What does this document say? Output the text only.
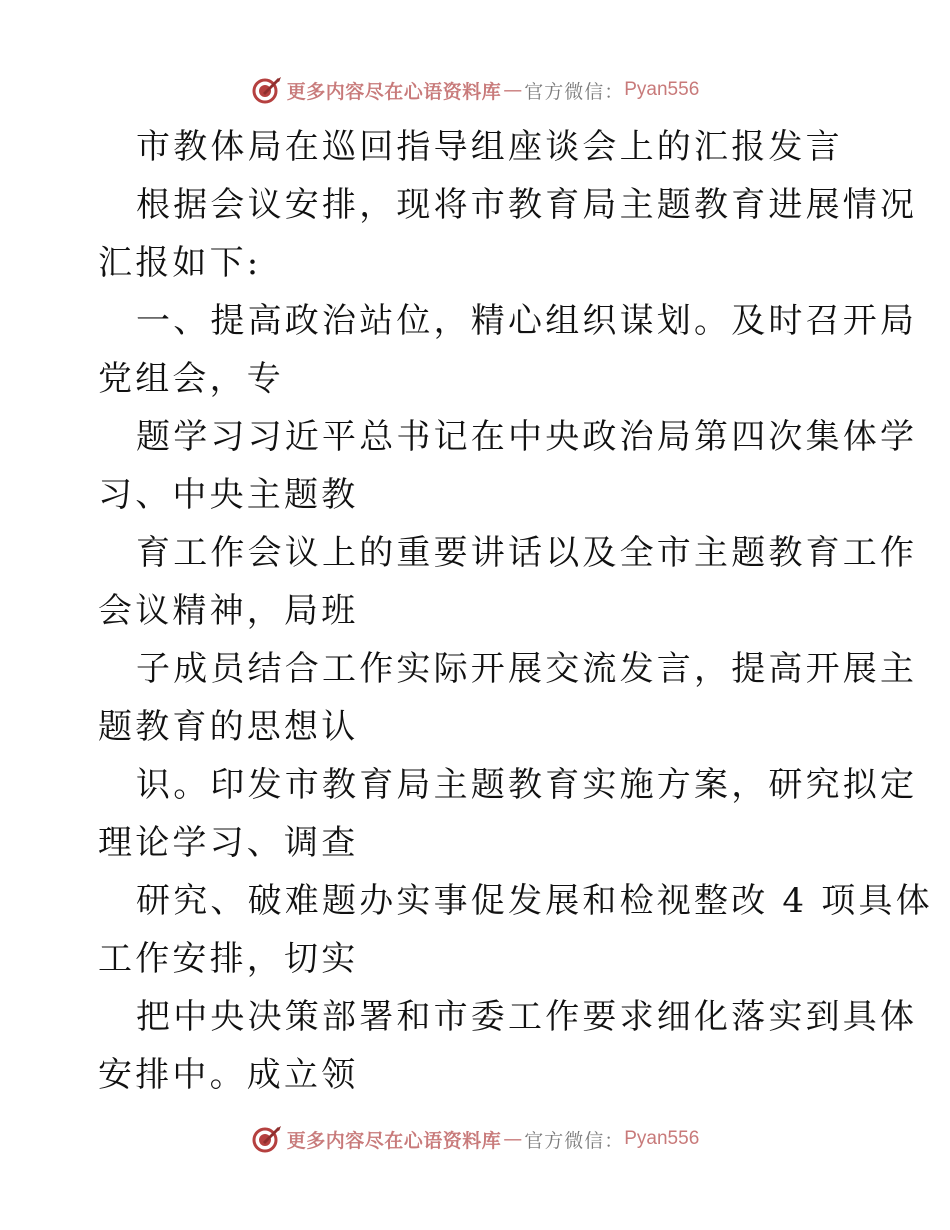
更多内容尽在心语资料库 — 官方微信： Pyan556
市教体局在巡回指导组座谈会上的汇报发言
根据会议安排，现将市教育局主题教育进展情况
汇报如下:
一、提高政治站位，精心组织谋划。及时召开局
党组会，专
题学习习近平总书记在中央政治局第四次集体学
习、中央主题教
育工作会议上的重要讲话以及全市主题教育工作
会议精神，局班
子成员结合工作实际开展交流发言，提高开展主
题教育的思想认
识。印发市教育局主题教育实施方案，研究拟定
理论学习、调查
研究、破难题办实事促发展和检视整改 4 项具体
工作安排，切实
把中央决策部署和市委工作要求细化落实到具体
安排中。成立领
更多内容尽在心语资料库 — 官方微信： Pyan556
